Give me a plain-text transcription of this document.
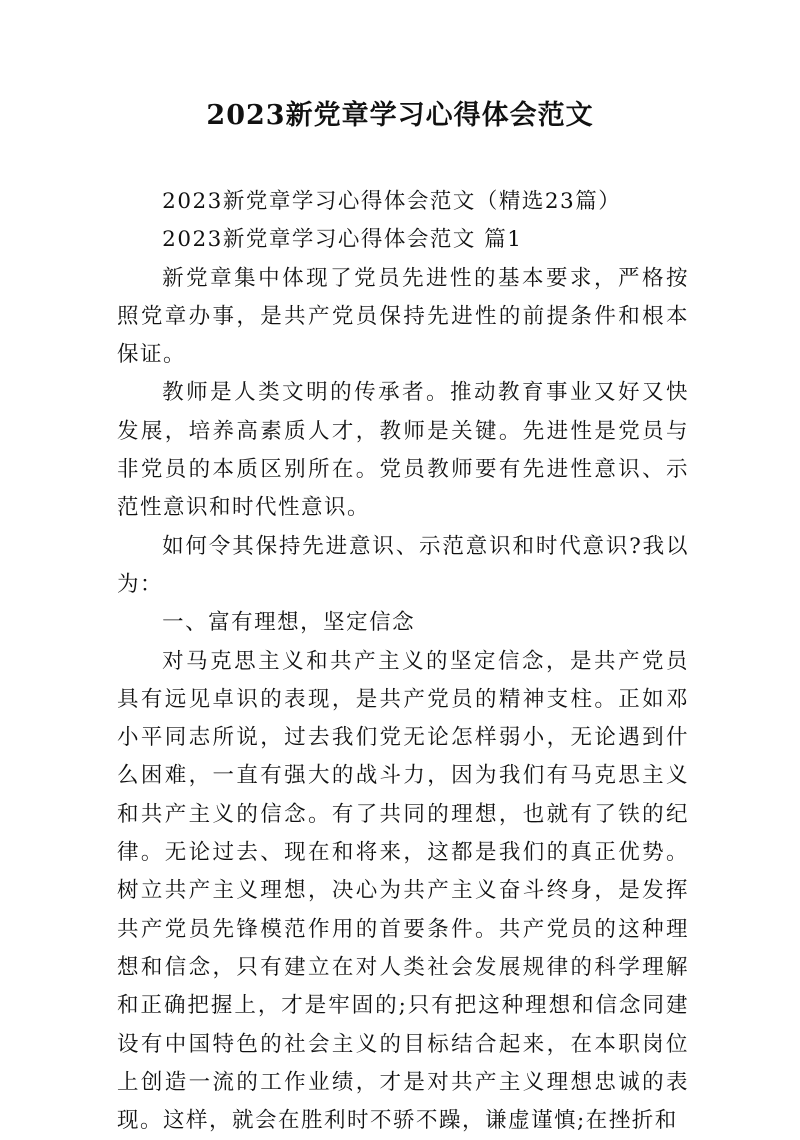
2023新党章学习心得体会范文

2023新党章学习心得体会范文（精选23篇）

2023新党章学习心得体会范文 篇1

新党章集中体现了党员先进性的基本要求，严格按照党章办事，是共产党员保持先进性的前提条件和根本保证。

教师是人类文明的传承者。推动教育事业又好又快发展，培养高素质人才，教师是关键。先进性是党员与非党员的本质区别所在。党员教师要有先进性意识、示范性意识和时代性意识。

如何令其保持先进意识、示范意识和时代意识?我以为：

一、富有理想，坚定信念

对马克思主义和共产主义的坚定信念，是共产党员具有远见卓识的表现，是共产党员的精神支柱。正如邓小平同志所说，过去我们党无论怎样弱小，无论遇到什么困难，一直有强大的战斗力，因为我们有马克思主义和共产主义的信念。有了共同的理想，也就有了铁的纪律。无论过去、现在和将来，这都是我们的真正优势。树立共产主义理想，决心为共产主义奋斗终身，是发挥共产党员先锋模范作用的首要条件。共产党员的这种理想和信念，只有建立在对人类社会发展规律的科学理解和正确把握上，才是牢固的;只有把这种理想和信念同建设有中国特色的社会主义的目标结合起来，在本职岗位上创造一流的工作业绩，才是对共产主义理想忠诚的表现。这样，就会在胜利时不骄不躁，谦虚谨慎;在挫折和
